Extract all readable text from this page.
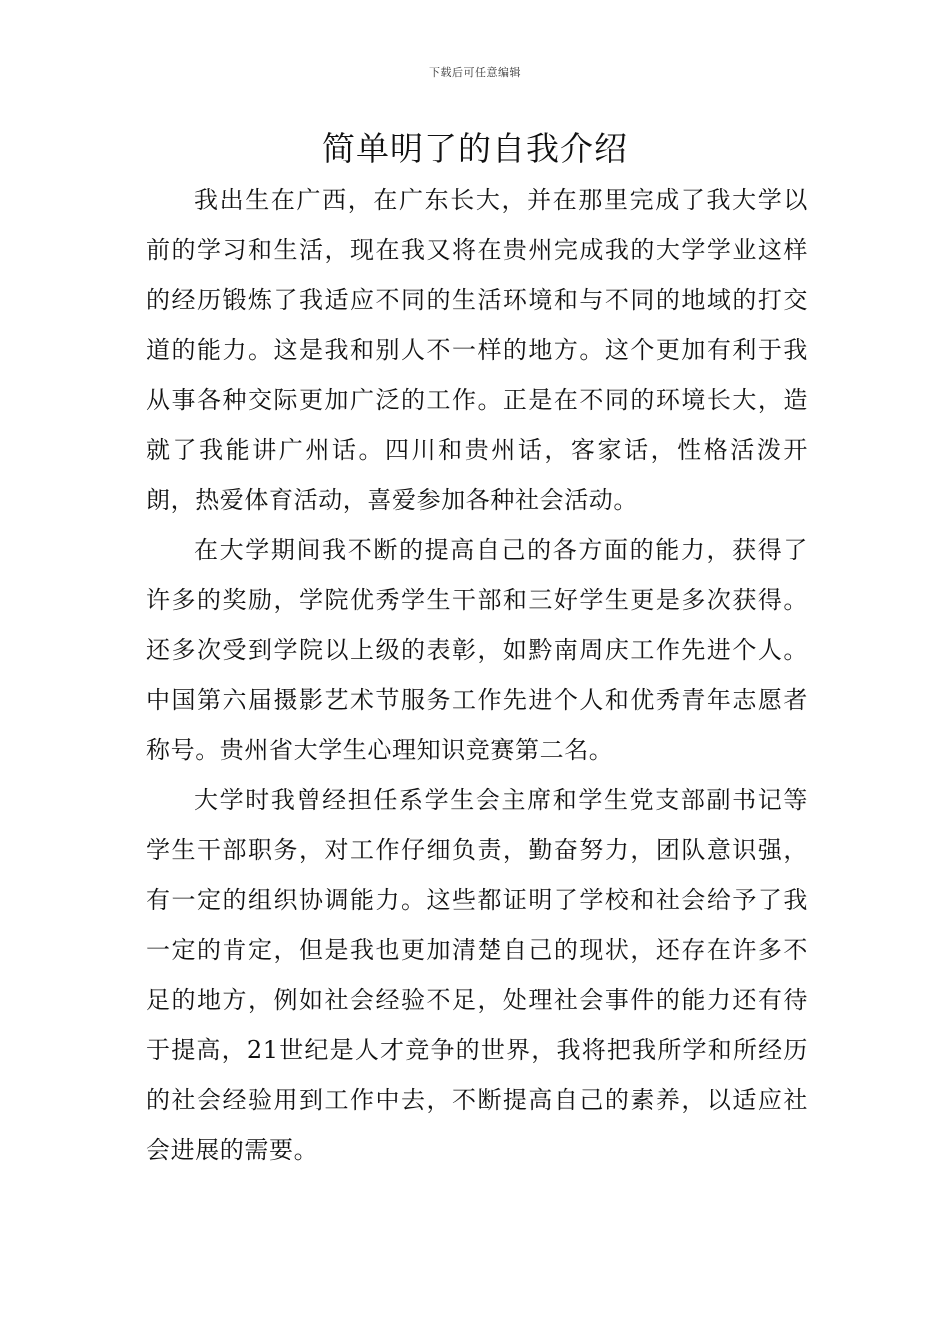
下载后可任意编辑
简单明了的自我介绍

我出生在广西，在广东长大，并在那里完成了我大学以前的学习和生活，现在我又将在贵州完成我的大学学业这样的经历锻炼了我适应不同的生活环境和与不同的地域的打交道的能力。这是我和别人不一样的地方。这个更加有利于我从事各种交际更加广泛的工作。正是在不同的环境长大，造就了我能讲广州话。四川和贵州话，客家话，性格活泼开朗，热爱体育活动，喜爱参加各种社会活动。

在大学期间我不断的提高自己的各方面的能力，获得了许多的奖励，学院优秀学生干部和三好学生更是多次获得。还多次受到学院以上级的表彰，如黔南周庆工作先进个人。中国第六届摄影艺术节服务工作先进个人和优秀青年志愿者称号。贵州省大学生心理知识竞赛第二名。

大学时我曾经担任系学生会主席和学生党支部副书记等学生干部职务，对工作仔细负责，勤奋努力，团队意识强，有一定的组织协调能力。这些都证明了学校和社会给予了我一定的肯定，但是我也更加清楚自己的现状，还存在许多不足的地方，例如社会经验不足，处理社会事件的能力还有待于提高，21世纪是人才竞争的世界，我将把我所学和所经历的社会经验用到工作中去，不断提高自己的素养，以适应社会进展的需要。
